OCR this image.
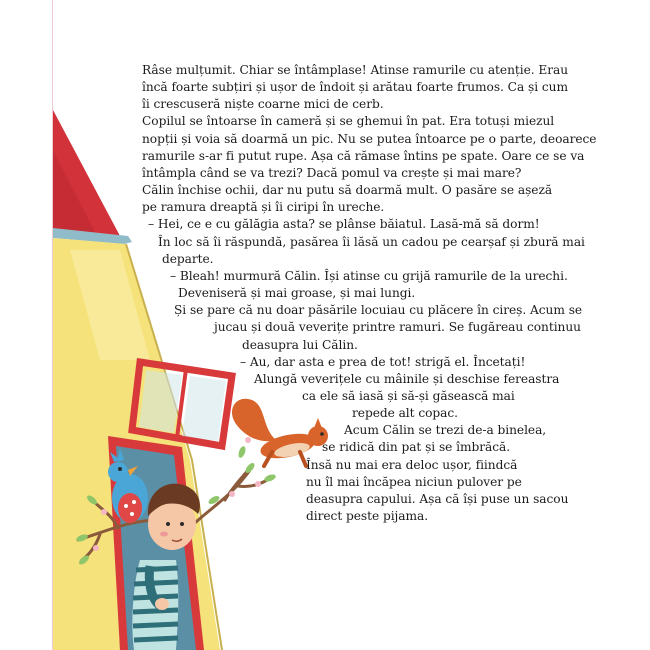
Râse mulțumit. Chiar se întâmplase! Atinse ramurile cu atenție. Erau
încă foarte subțiri și ușor de îndoit și arătau foarte frumos. Ca și cum
îi crescuseră niște coarne mici de cerb.
Copilul se întoarse în cameră și se ghemui în pat. Era totuși miezul
nopții și voia să doarmă un pic. Nu se putea întoarce pe o parte, deoarece
ramurile s-ar fi putut rupe. Așa că rămase întins pe spate. Oare ce se va
întâmpla când se va trezi? Dacă pomul va crește și mai mare?
Călin închise ochii, dar nu putu să doarmă mult. O pasăre se așeză
pe ramura dreaptă și îi ciripi în ureche.
– Hei, ce e cu gălăgia asta? se plânse băiatul. Lasă-mă să dorm!
În loc să îi răspundă, pasărea îi lăsă un cadou pe cearșaf și zbură mai
departe.
– Bleah! murmură Călin. Își atinse cu grijă ramurile de la urechi.
Deveniseră și mai groase, și mai lungi.
Și se pare că nu doar păsările locuiau cu plăcere în cireș. Acum se
jucau și două veverițe printre ramuri. Se fugăreau continuu
deasupra lui Călin.
– Au, dar asta e prea de tot! strigă el. Încetați!
Alungă veverițele cu mâinile și deschise fereastra
ca ele să iasă și să-și găsească mai
repede alt copac.
Acum Călin se trezi de-a binelea,
se ridică din pat și se îmbrăcă.
Însă nu mai era deloc ușor, fiindcă
nu îl mai încăpea niciun pulover pe
deasupra capului. Așa că își puse un sacou
direct peste pijama.
